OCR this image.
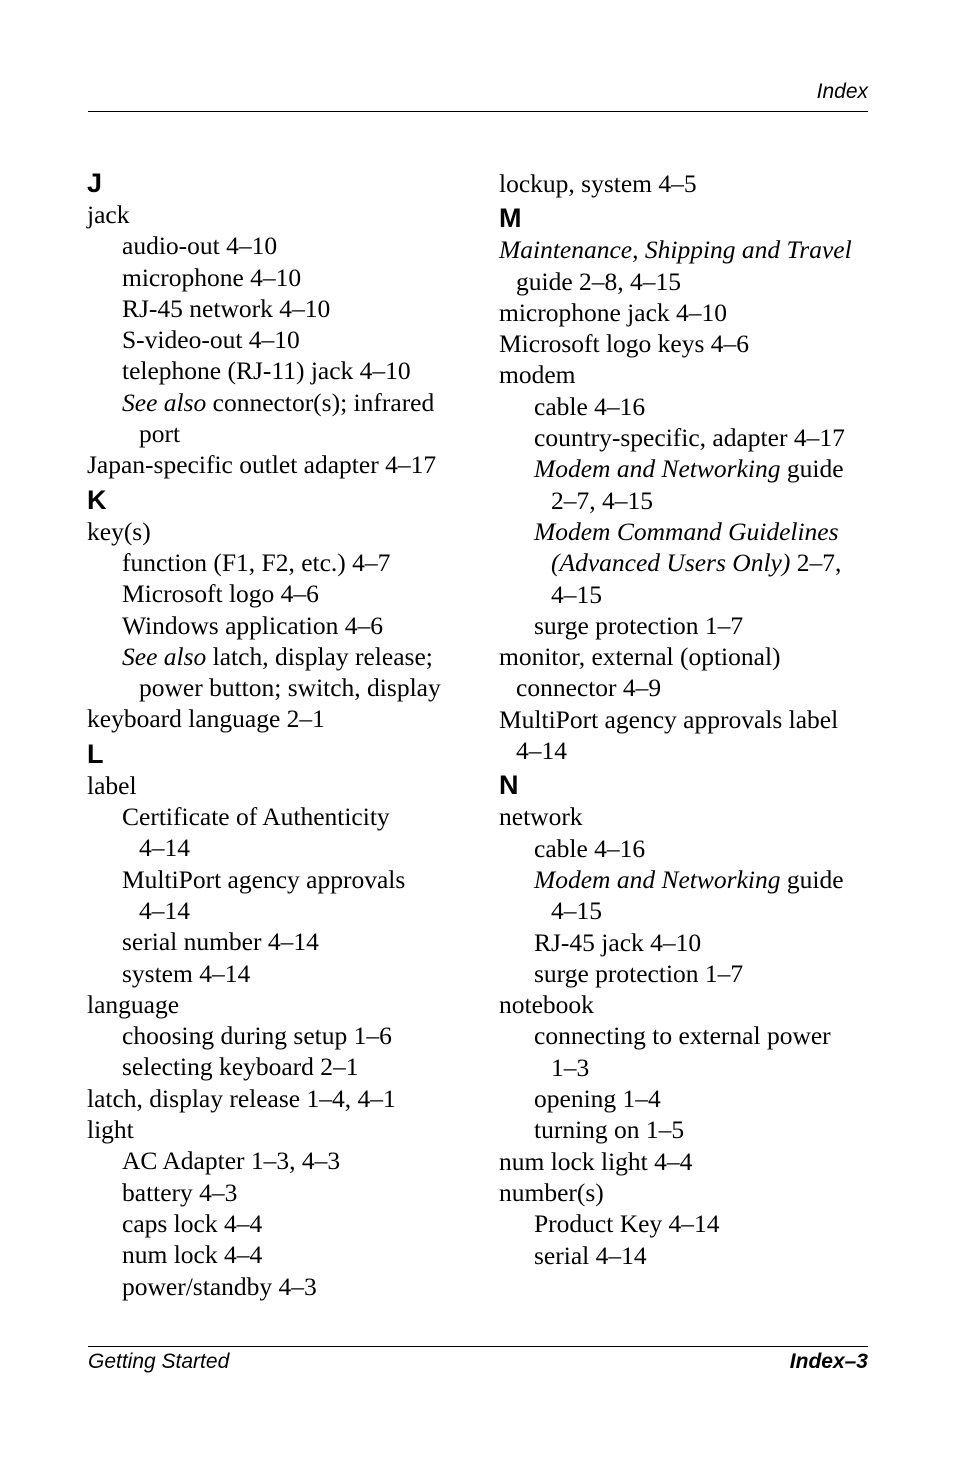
Index
J
jack
audio-out 4–10
microphone 4–10
RJ-45 network 4–10
S-video-out 4–10
telephone (RJ-11) jack 4–10
See also connector(s); infrared
port
Japan-specific outlet adapter 4–17
K
key(s)
function (F1, F2, etc.) 4–7
Microsoft logo 4–6
Windows application 4–6
See also latch, display release;
power button; switch, display
keyboard language 2–1
L
label
Certificate of Authenticity
4–14
MultiPort agency approvals
4–14
serial number 4–14
system 4–14
language
choosing during setup 1–6
selecting keyboard 2–1
latch, display release 1–4, 4–1
light
AC Adapter 1–3, 4–3
battery 4–3
caps lock 4–4
num lock 4–4
power/standby 4–3
lockup, system 4–5
M
Maintenance, Shipping and Travel
guide 2–8, 4–15
microphone jack 4–10
Microsoft logo keys 4–6
modem
cable 4–16
country-specific, adapter 4–17
Modem and Networking guide
2–7, 4–15
Modem Command Guidelines
(Advanced Users Only) 2–7,
4–15
surge protection 1–7
monitor, external (optional)
connector 4–9
MultiPort agency approvals label
4–14
N
network
cable 4–16
Modem and Networking guide
4–15
RJ-45 jack 4–10
surge protection 1–7
notebook
connecting to external power
1–3
opening 1–4
turning on 1–5
num lock light 4–4
number(s)
Product Key 4–14
serial 4–14
Getting Started	Index–3
